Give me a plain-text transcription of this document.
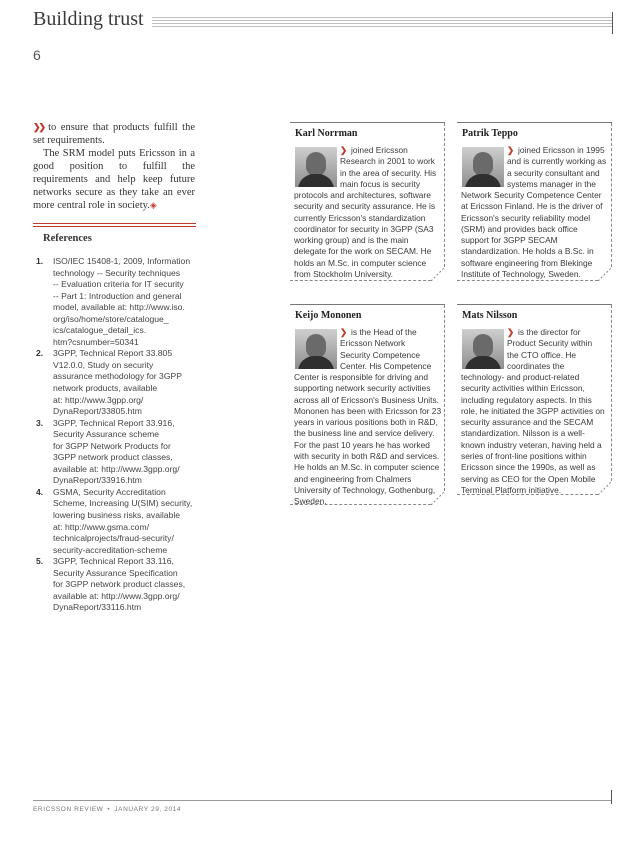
Building trust
6

❯❯ to ensure that products fulfill the set requirements.

The SRM model puts Ericsson in a good position to fulfill the requirements and help keep future networks secure as they take an ever more central role in society.◈

References
1. ISO/IEC 15408-1, 2009, Information
technology -- Security techniques
-- Evaluation criteria for IT security
-- Part 1: Introduction and general
model, available at: http://www.iso.
org/iso/home/store/catalogue_
ics/catalogue_detail_ics.
htm?csnumber=50341
2. 3GPP, Technical Report 33.805
V12.0.0, Study on security
assurance methodology for 3GPP
network products, available
at: http://www.3gpp.org/
DynaReport/33805.htm
3. 3GPP, Technical Report 33.916,
Security Assurance scheme
for 3GPP Network Products for
3GPP network product classes,
available at: http://www.3gpp.org/
DynaReport/33916.htm
4. GSMA, Security Accreditation
Scheme, Increasing U(SIM) security,
lowering business risks, available
at: http://www.gsma.com/
technicalprojects/fraud-security/
security-accreditation-scheme
5. 3GPP, Technical Report 33.116,
Security Assurance Specification
for 3GPP network product classes,
available at: http://www.3gpp.org/
DynaReport/33116.htm
Karl Norrman
❯ joined Ericsson
Research in 2001 to work
in the area of security. His
main focus is security
protocols and architectures, software
security and security assurance. He is
currently Ericsson's standardization
coordinator for security in 3GPP (SA3
working group) and is the main
delegate for the work on SECAM. He
holds an M.Sc. in computer science
from Stockholm University.
Patrik Teppo
❯ joined Ericsson in 1995
and is currently working as
a security consultant and
systems manager in the
Network Security Competence Center
at Ericsson Finland. He is the driver of
Ericsson's security reliability model
(SRM) and provides back office
support for 3GPP SECAM
standardization. He holds a B.Sc. in
software engineering from Blekinge
Institute of Technology, Sweden.
Keijo Mononen
❯ is the Head of the
Ericsson Network
Security Competence
Center. His Competence
Center is responsible for driving and
supporting network security activities
across all of Ericsson's Business Units.
Mononen has been with Ericsson for 23
years in various positions both in R&D,
the business line and service delivery.
For the past 10 years he has worked
with security in both R&D and services.
He holds an M.Sc. in computer science
and engineering from Chalmers
University of Technology, Gothenburg,
Sweden.
Mats Nilsson
❯ is the director for
Product Security within
the CTO office. He
coordinates the
technology- and product-related
security activities within Ericsson,
including regulatory aspects. In this
role, he initiated the 3GPP activities on
security assurance and the SECAM
standardization. Nilsson is a well-
known industry veteran, having held a
series of front-line positions within
Ericsson since the 1990s, as well as
serving as CEO for the Open Mobile
Terminal Platform initiative.
ERICSSON REVIEW • JANUARY 29, 2014
